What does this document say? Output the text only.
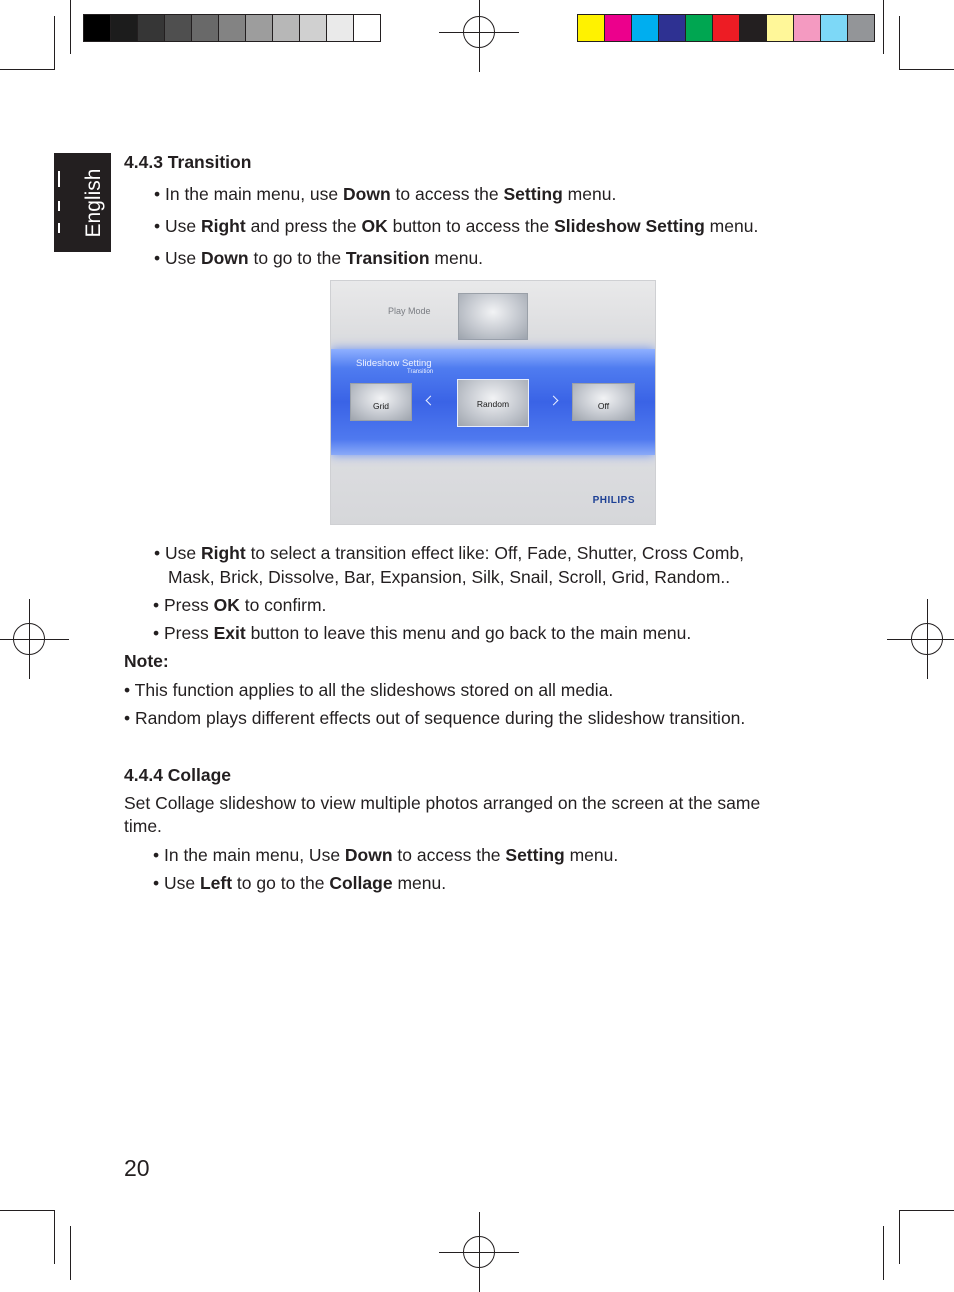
English
4.4.3 Transition
• In the main menu, use Down to access the Setting menu.
• Use Right and press the OK button to access the Slideshow Setting menu.
• Use Down to go to the Transition menu.
Play Mode
Slideshow Setting
Transition
Grid	Random	Off
PHILIPS
• Use Right to select a transition effect like: Off, Fade, Shutter, Cross Comb,
Mask, Brick, Dissolve, Bar, Expansion, Silk, Snail, Scroll, Grid, Random..
• Press OK to confirm.
• Press Exit button to leave this menu and go back to the main menu.
Note:
• This function applies to all the slideshows stored on all media.
• Random plays different effects out of sequence during the slideshow transition.
4.4.4 Collage
Set Collage slideshow to view multiple photos arranged on the screen at the same
time.
• In the main menu, Use Down to access the Setting menu.
• Use Left to go to the Collage menu.
20
